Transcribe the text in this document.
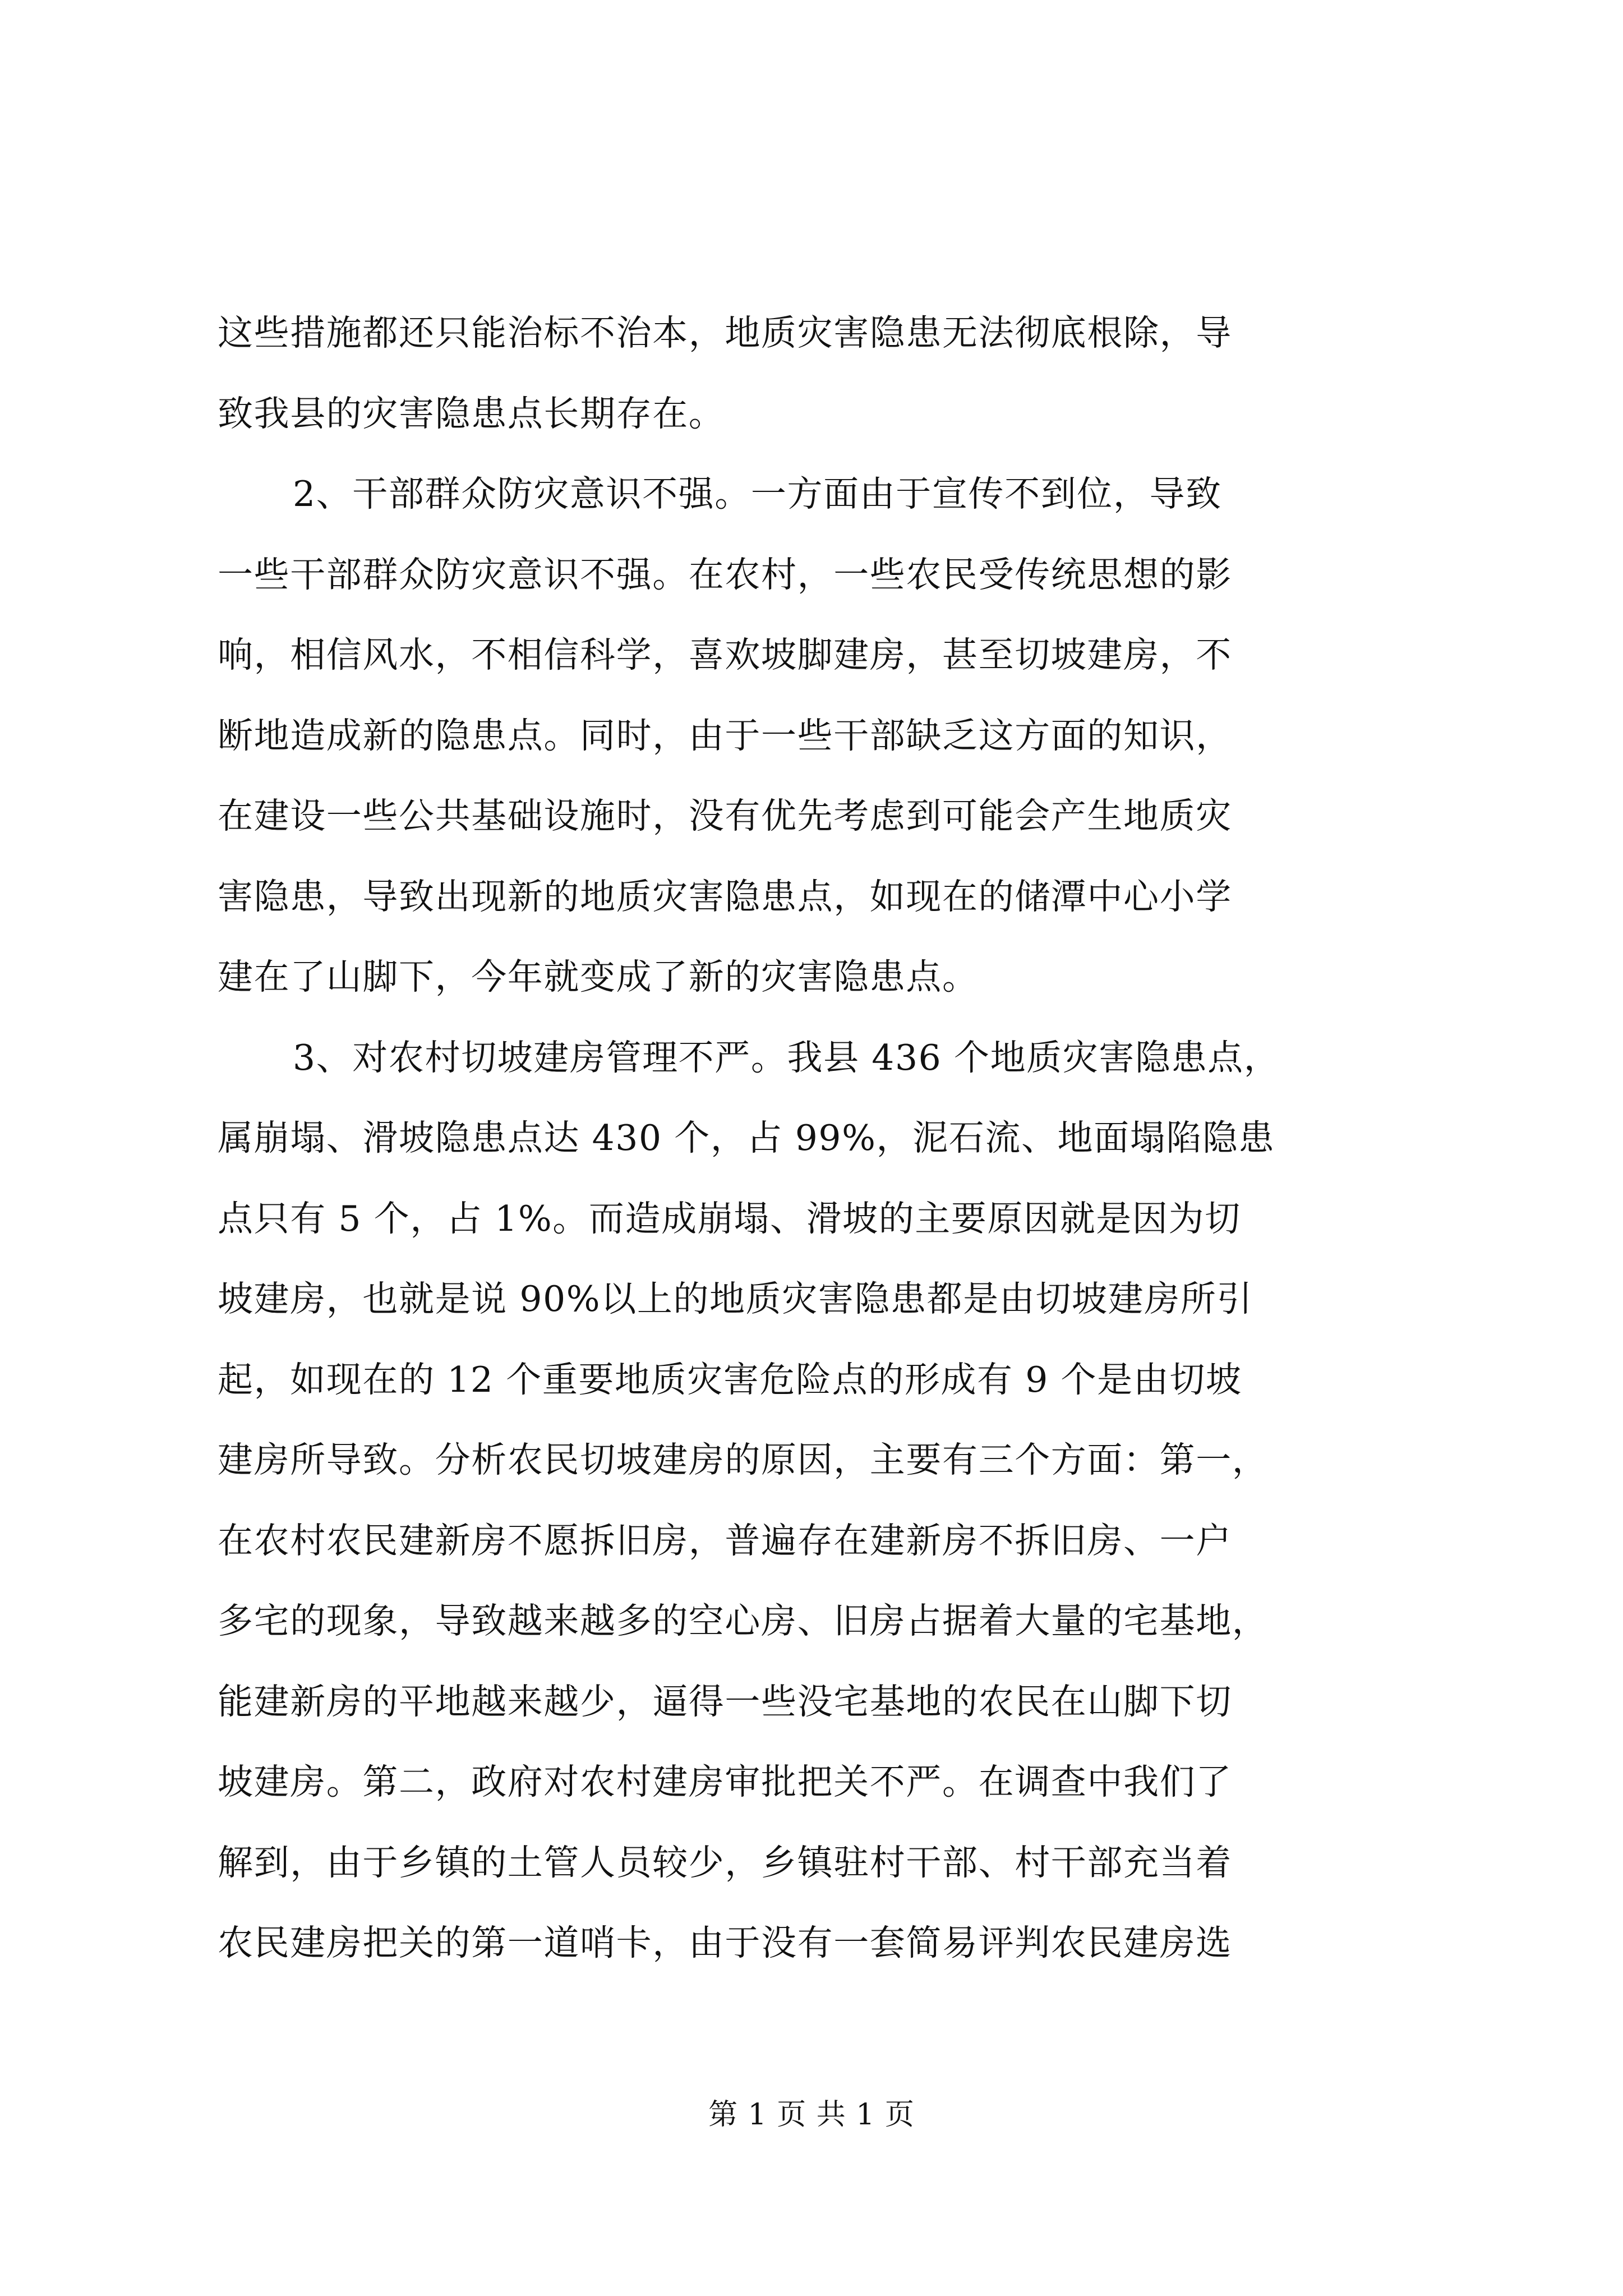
这些措施都还只能治标不治本，地质灾害隐患无法彻底根除，导
致我县的灾害隐患点长期存在。
2、干部群众防灾意识不强。一方面由于宣传不到位，导致
一些干部群众防灾意识不强。在农村，一些农民受传统思想的影
响，相信风水，不相信科学，喜欢坡脚建房，甚至切坡建房，不
断地造成新的隐患点。同时，由于一些干部缺乏这方面的知识，
在建设一些公共基础设施时，没有优先考虑到可能会产生地质灾
害隐患，导致出现新的地质灾害隐患点，如现在的储潭中心小学
建在了山脚下，今年就变成了新的灾害隐患点。
3、对农村切坡建房管理不严。我县 436 个地质灾害隐患点，
属崩塌、滑坡隐患点达 430 个，占 99%，泥石流、地面塌陷隐患
点只有 5 个，占 1%。而造成崩塌、滑坡的主要原因就是因为切
坡建房，也就是说 90%以上的地质灾害隐患都是由切坡建房所引
起，如现在的 12 个重要地质灾害危险点的形成有 9 个是由切坡
建房所导致。分析农民切坡建房的原因，主要有三个方面：第一，
在农村农民建新房不愿拆旧房，普遍存在建新房不拆旧房、一户
多宅的现象，导致越来越多的空心房、旧房占据着大量的宅基地，
能建新房的平地越来越少，逼得一些没宅基地的农民在山脚下切
坡建房。第二，政府对农村建房审批把关不严。在调查中我们了
解到，由于乡镇的土管人员较少，乡镇驻村干部、村干部充当着
农民建房把关的第一道哨卡，由于没有一套简易评判农民建房选
第 1 页 共 1 页
